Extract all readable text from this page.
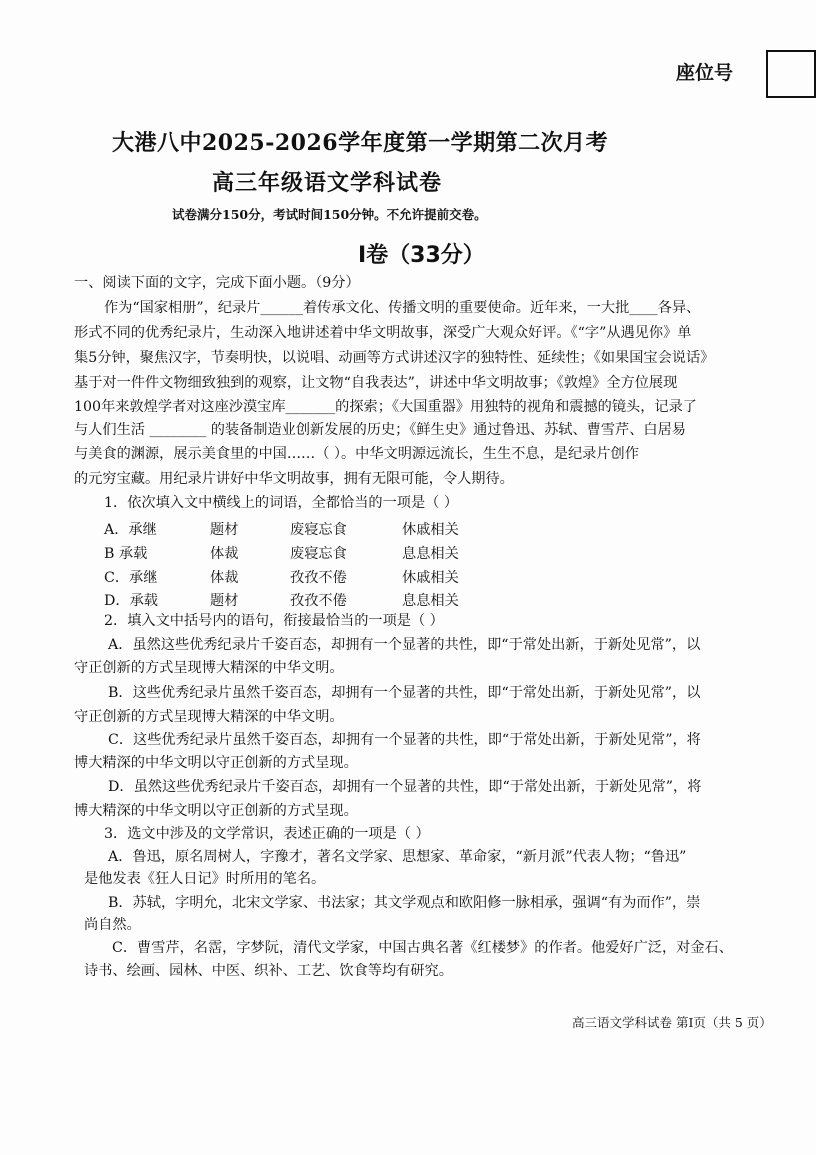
座位号
大港八中2025-2026学年度第一学期第二次月考
高三年级语文学科试卷
试卷满分150分，考试时间150分钟。不允许提前交卷。
I卷（33分）
一、阅读下面的文字，完成下面小题。（9分）
作为“国家相册”，纪录片______着传承文化、传播文明的重要使命。近年来，一大批____各异、
形式不同的优秀纪录片，生动深入地讲述着中华文明故事，深受广大观众好评。《“字”从遇见你》单
集5分钟，聚焦汉字，节奏明快，以说唱、动画等方式讲述汉字的独特性、延续性；《如果国宝会说话》
基于对一件件文物细致独到的观察，让文物“自我表达”，讲述中华文明故事；《敦煌》全方位展现
100年来敦煌学者对这座沙漠宝库_______的探索；《大国重器》用独特的视角和震撼的镜头，记录了
与人们生活 ________ 的装备制造业创新发展的历史；《鲜生史》通过鲁迅、苏轼、曹雪芹、白居易
与美食的渊源，展示美食里的中国……（ ）。中华文明源远流长，生生不息，是纪录片创作
的元穷宝藏。用纪录片讲好中华文明故事，拥有无限可能，令人期待。
1．依次填入文中横线上的词语，全都恰当的一项是（ ）
A．承继	题材	废寝忘食	休戚相关
B 承载	体裁	废寝忘食	息息相关
C．承继	体裁	孜孜不倦	休戚相关
D．承载	题材	孜孜不倦	息息相关
2．填入文中括号内的语句，衔接最恰当的一项是（ ）
A．虽然这些优秀纪录片千姿百态，却拥有一个显著的共性，即“于常处出新，于新处见常”，以
守正创新的方式呈现博大精深的中华文明。
B．这些优秀纪录片虽然千姿百态，却拥有一个显著的共性，即“于常处出新，于新处见常”，以
守正创新的方式呈现博大精深的中华文明。
C．这些优秀纪录片虽然千姿百态，却拥有一个显著的共性，即“于常处出新，于新处见常”，将
博大精深的中华文明以守正创新的方式呈现。
D．虽然这些优秀纪录片千姿百态，却拥有一个显著的共性，即“于常处出新，于新处见常”，将
博大精深的中华文明以守正创新的方式呈现。
3．选文中涉及的文学常识，表述正确的一项是（ ）
A．鲁迅，原名周树人，字豫才，著名文学家、思想家、革命家，“新月派”代表人物；“鲁迅”
是他发表《狂人日记》时所用的笔名。
B．苏轼，字明允，北宋文学家、书法家；其文学观点和欧阳修一脉相承，强调“有为而作”，崇
尚自然。
C．曹雪芹，名霑，字梦阮，清代文学家，中国古典名著《红楼梦》的作者。他爱好广泛，对金石、
诗书、绘画、园林、中医、织补、工艺、饮食等均有研究。
高三语文学科试卷 第I页（共 5 页）
